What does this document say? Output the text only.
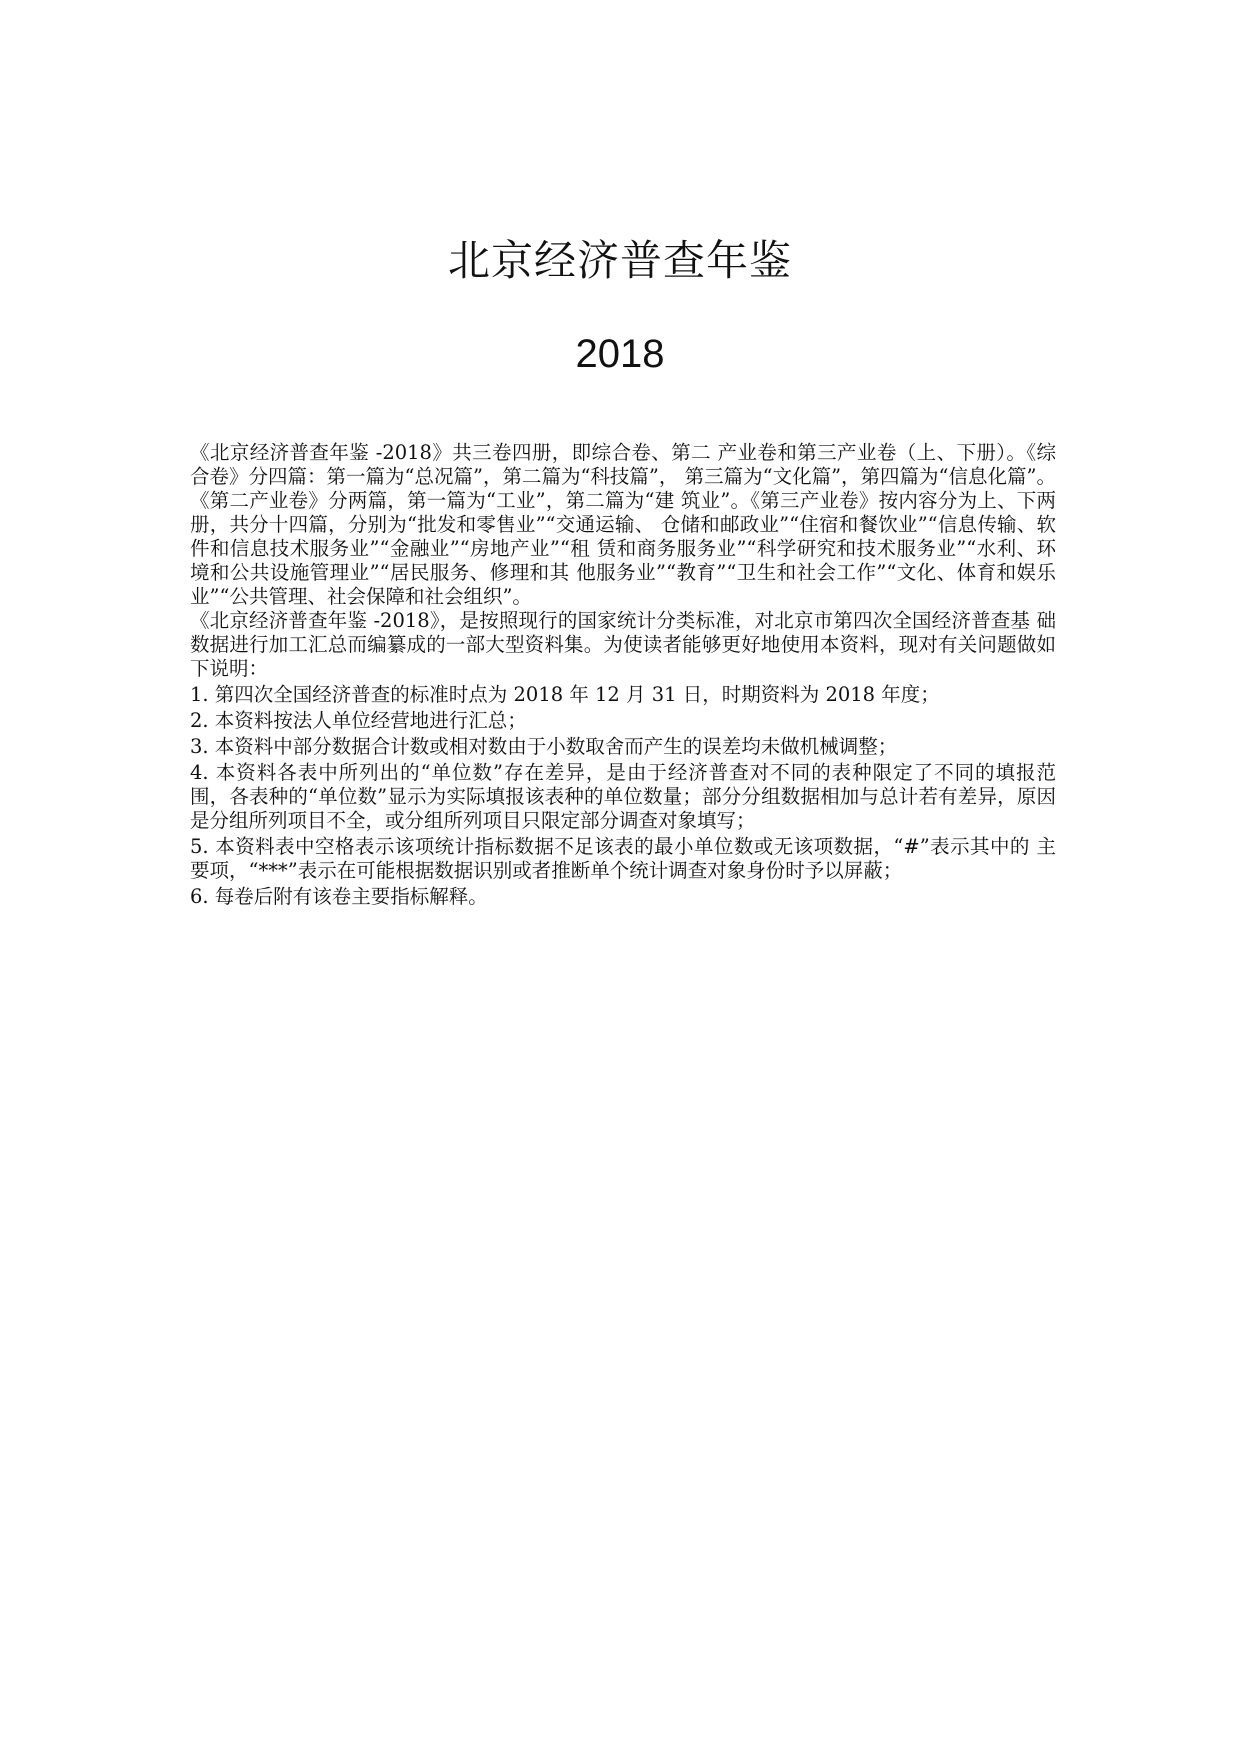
北京经济普查年鉴
2018

《北京经济普查年鉴 -2018》共三卷四册，即综合卷、第二 产业卷和第三产业卷（上、下册）。《综合卷》分四篇：第一篇为“总况篇”，第二篇为“科技篇”， 第三篇为“文化篇”，第四篇为“信息化篇”。《第二产业卷》分两篇，第一篇为“工业”，第二篇为“建 筑业”。《第三产业卷》按内容分为上、下两册，共分十四篇，分别为“批发和零售业”“交通运输、 仓储和邮政业”“住宿和餐饮业”“信息传输、软件和信息技术服务业”“金融业”“房地产业”“租 赁和商务服务业”“科学研究和技术服务业”“水利、环境和公共设施管理业”“居民服务、修理和其 他服务业”“教育”“卫生和社会工作”“文化、体育和娱乐业”“公共管理、社会保障和社会组织”。

《北京经济普查年鉴 -2018》，是按照现行的国家统计分类标准，对北京市第四次全国经济普查基 础数据进行加工汇总而编纂成的一部大型资料集。为使读者能够更好地使用本资料，现对有关问题做如 下说明：

1. 第四次全国经济普查的标准时点为 2018 年 12 月 31 日，时期资料为 2018 年度；

2. 本资料按法人单位经营地进行汇总；

3. 本资料中部分数据合计数或相对数由于小数取舍而产生的误差均未做机械调整；

4. 本资料各表中所列出的“单位数”存在差异，是由于经济普查对不同的表种限定了不同的填报范 围，各表种的“单位数”显示为实际填报该表种的单位数量；部分分组数据相加与总计若有差异，原因 是分组所列项目不全，或分组所列项目只限定部分调查对象填写；

5. 本资料表中空格表示该项统计指标数据不足该表的最小单位数或无该项数据，“#”表示其中的 主要项，“***”表示在可能根据数据识别或者推断单个统计调查对象身份时予以屏蔽；

6. 每卷后附有该卷主要指标解释。
